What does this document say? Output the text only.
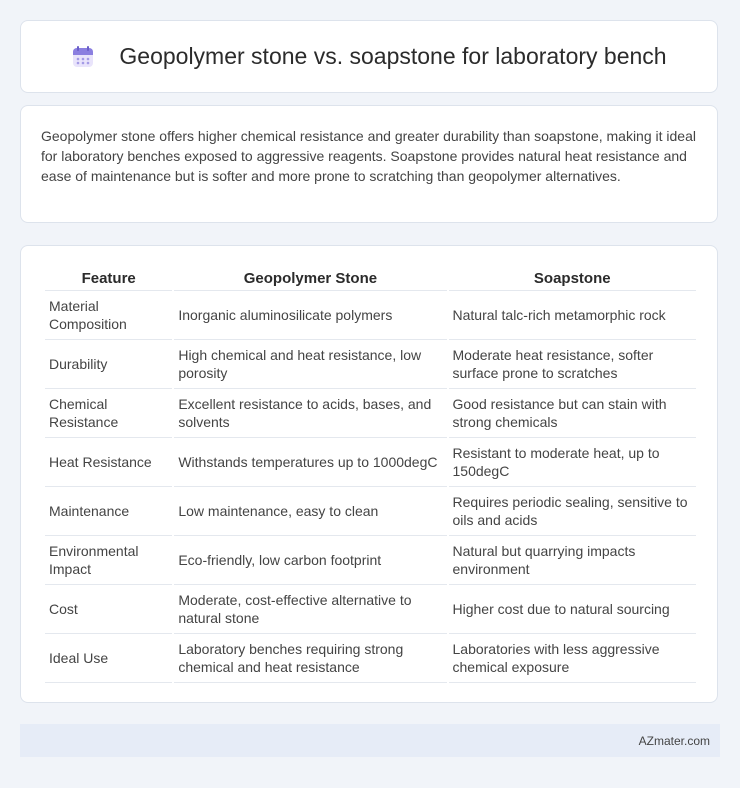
Geopolymer stone vs. soapstone for laboratory bench

Geopolymer stone offers higher chemical resistance and greater durability than soapstone, making it ideal for laboratory benches exposed to aggressive reagents. Soapstone provides natural heat resistance and ease of maintenance but is softer and more prone to scratching than geopolymer alternatives.

Feature	Geopolymer Stone	Soapstone
Material Composition	Inorganic aluminosilicate polymers	Natural talc-rich metamorphic rock
Durability	High chemical and heat resistance, low porosity	Moderate heat resistance, softer surface prone to scratches
Chemical Resistance	Excellent resistance to acids, bases, and solvents	Good resistance but can stain with strong chemicals
Heat Resistance	Withstands temperatures up to 1000degC	Resistant to moderate heat, up to 150degC
Maintenance	Low maintenance, easy to clean	Requires periodic sealing, sensitive to oils and acids
Environmental Impact	Eco-friendly, low carbon footprint	Natural but quarrying impacts environment
Cost	Moderate, cost-effective alternative to natural stone	Higher cost due to natural sourcing
Ideal Use	Laboratory benches requiring strong chemical and heat resistance	Laboratories with less aggressive chemical exposure
AZmater.com
